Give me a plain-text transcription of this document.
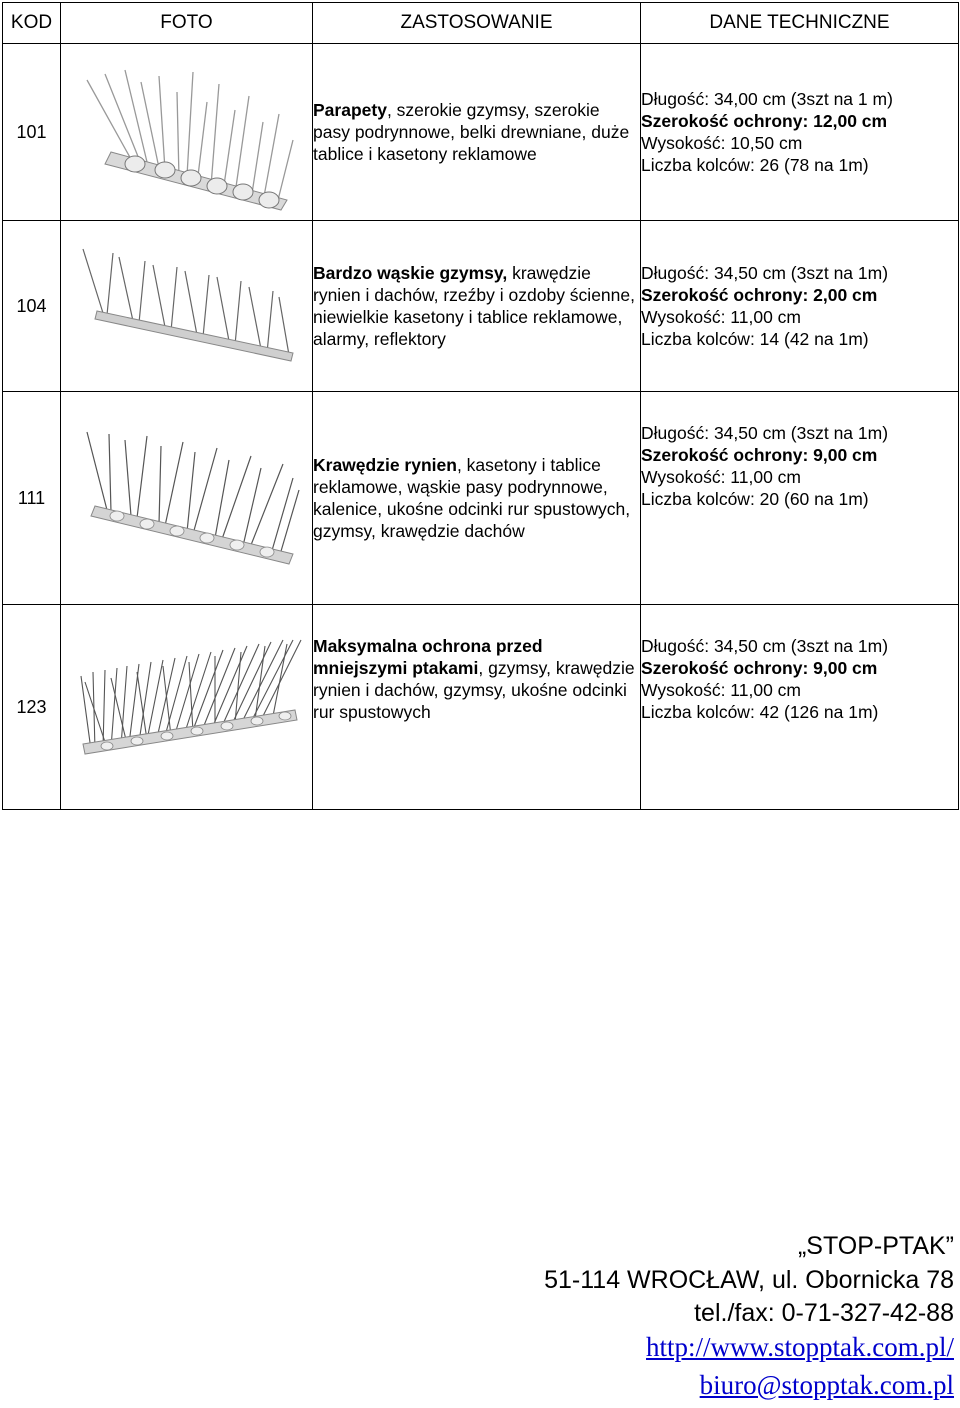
KOD	FOTO	ZASTOSOWANIE	DANE TECHNICZNE
101		Parapety, szerokie gzymsy, szerokie pasy podrynnowe, belki drewniane, duże tablice i kasetony reklamowe	Długość: 34,00 cm (3szt na 1 m)
Szerokość ochrony: 12,00 cm
Wysokość: 10,50 cm
Liczba kolców: 26 (78 na 1m)

104		Bardzo wąskie gzymsy, krawędzie rynien i dachów, rzeźby i ozdoby ścienne, niewielkie kasetony i tablice reklamowe, alarmy, reflektory	Długość: 34,50 cm (3szt na 1m)
Szerokość ochrony: 2,00 cm
Wysokość: 11,00 cm
Liczba kolców: 14 (42 na 1m)

111		Krawędzie rynien, kasetony i tablice reklamowe, wąskie pasy podrynnowe, kalenice, ukośne odcinki rur spustowych, gzymsy, krawędzie dachów	Długość: 34,50 cm (3szt na 1m)
Szerokość ochrony: 9,00 cm
Wysokość: 11,00 cm
Liczba kolców: 20 (60 na 1m)

123		Maksymalna ochrona przed mniejszymi ptakami, gzymsy, krawędzie rynien i dachów, gzymsy, ukośne odcinki rur spustowych	Długość: 34,50 cm (3szt na 1m)
Szerokość ochrony: 9,00 cm
Wysokość: 11,00 cm
Liczba kolców: 42 (126 na 1m)
„STOP-PTAK”
51-114 WROCŁAW, ul. Obornicka 78
tel./fax: 0-71-327-42-88
http://www.stopptak.com.pl/
biuro@stopptak.com.pl
